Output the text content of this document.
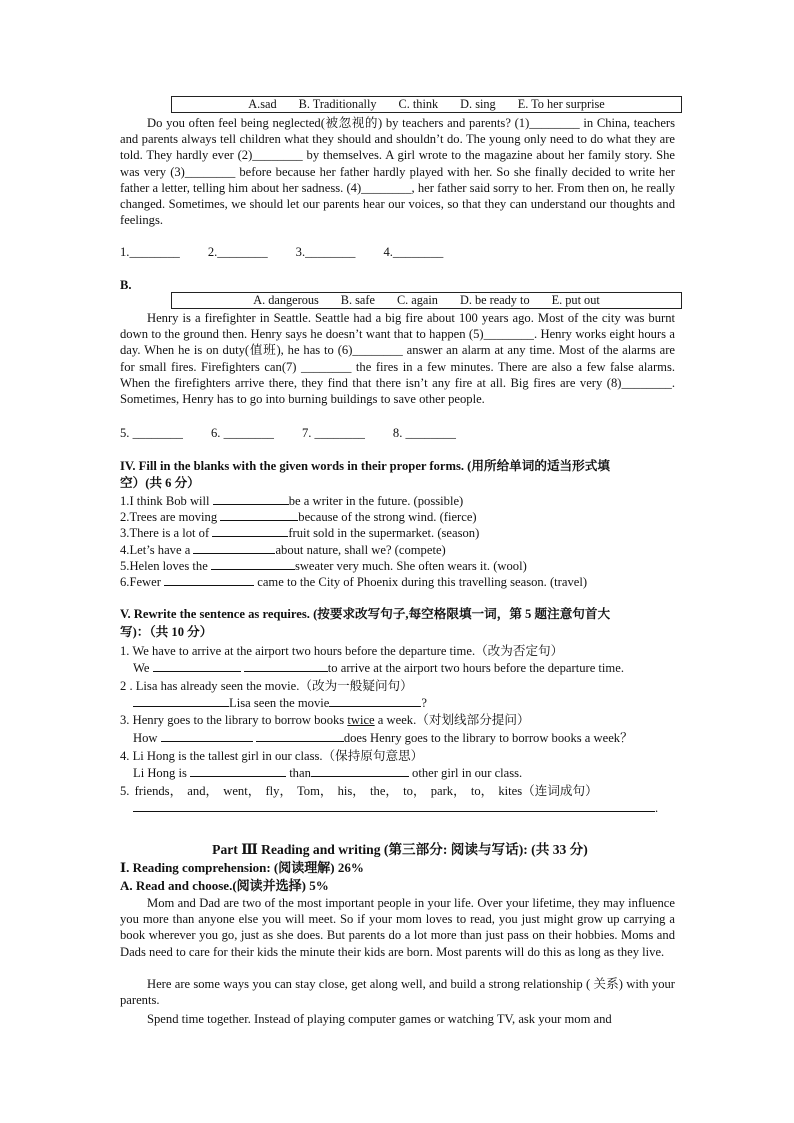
A.sad B. Traditionally C. think D. sing E. To her surprise

Do you often feel being neglected(被忽视的) by teachers and parents? (1)________ in China, teachers and parents always tell children what they should and shouldn’t do. The young only need to do what they are told. They hardly ever (2)________ by themselves. A girl wrote to the magazine about her family story. She was very (3)________ before because her father hardly played with her. So she finally decided to write her father a letter, telling him about her sadness. (4)________, her father said sorry to her. From then on, he really changed. Sometimes, we should let our parents hear our voices, so that they can understand our thoughts and feelings.

1.________ 2.________ 3.________ 4.________
B.
A. dangerous B. safe C. again D. be ready to E. put out

Henry is a firefighter in Seattle. Seattle had a big fire about 100 years ago. Most of the city was burnt down to the ground then. Henry says he doesn’t want that to happen (5)________. Henry works eight hours a day. When he is on duty(值班), he has to (6)________ answer an alarm at any time. Most of the alarms are for small fires. Firefighters can(7) ________ the fires in a few minutes. There are also a few false alarms. When the firefighters arrive there, they find that there isn’t any fire at all. Big fires are very (8)________. Sometimes, Henry has to go into burning buildings to save other people.

5. ________ 6. ________ 7. ________ 8. ________
IV. Fill in the blanks with the given words in their proper forms. (用所给单词的适当形式填
空）(共 6 分）
1.I think Bob will	be a writer in the future. (possible)
2.Trees are moving	because of the strong wind. (fierce)
3.There is a lot of	fruit sold in the supermarket. (season)
4.Let’s have a	about nature, shall we? (compete)
5.Helen loves the	sweater very much. She often wears it. (wool)
6.Fewer	came to the City of Phoenix during this travelling season. (travel)
V. Rewrite the sentence as requires. (按要求改写句子,每空格限填一词，第 5 题注意句首大
写)：（共 10 分）
1. We have to arrive at the airport two hours before the departure time.（改为否定句）
We	to arrive at the airport two hours before the departure time.
2 . Lisa has already seen the movie.（改为一般疑问句）
Lisa seen the movie	?
3. Henry goes to the library to borrow books twice a week.（对划线部分提问）
How	does Henry goes to the library to borrow books a week？
4. Li Hong is the tallest girl in our class.（保持原句意思）
Li Hong is	than	other girl in our class.
5. friends， and， went， fly， Tom， his， the， to， park， to， kites（连词成句）
.
Part Ⅲ Reading and writing (第三部分: 阅读与写话): (共 33 分)
Ⅰ. Reading comprehension: (阅读理解) 26%
A. Read and choose.(阅读并选择) 5%

Mom and Dad are two of the most important people in your life. Over your lifetime, they may influence you more than anyone else you will meet. So if your mom loves to read, you just might grow up carrying a book wherever you go, just as she does. But parents do a lot more than just pass on their hobbies. Moms and Dads need to care for their kids the minute their kids are born. Most parents will do this as long as they live.

Here are some ways you can stay close, get along well, and build a strong relationship ( 关系) with your parents.

Spend time together. Instead of playing computer games or watching TV, ask your mom and
